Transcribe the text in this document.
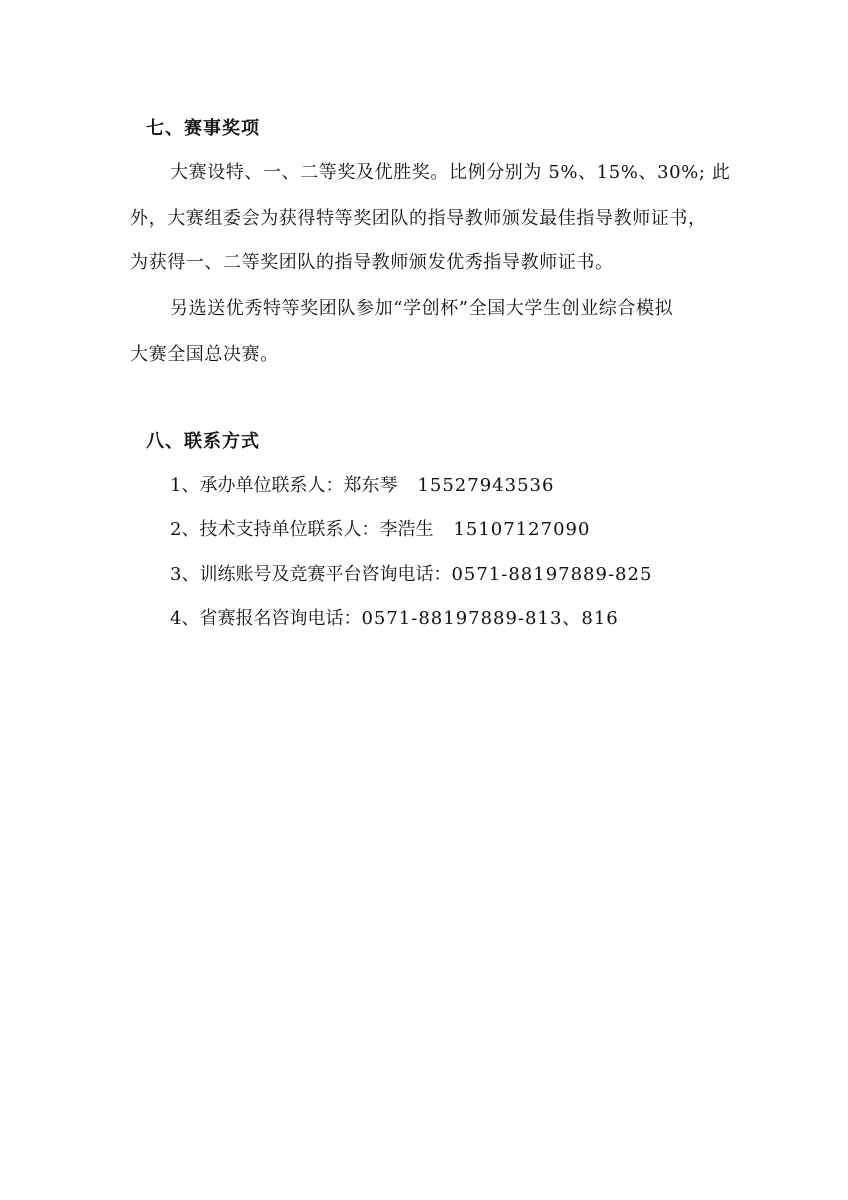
七、赛事奖项
大赛设特、一、二等奖及优胜奖。比例分别为 5%、15%、30%; 此
外，大赛组委会为获得特等奖团队的指导教师颁发最佳指导教师证书，
为获得一、二等奖团队的指导教师颁发优秀指导教师证书。
另选送优秀特等奖团队参加“学创杯”全国大学生创业综合模拟
大赛全国总决赛。
八、联系方式
1、承办单位联系人：郑东琴 15527943536
2、技术支持单位联系人：李浩生 15107127090
3、训练账号及竞赛平台咨询电话：0571-88197889-825
4、省赛报名咨询电话：0571-88197889-813、816
